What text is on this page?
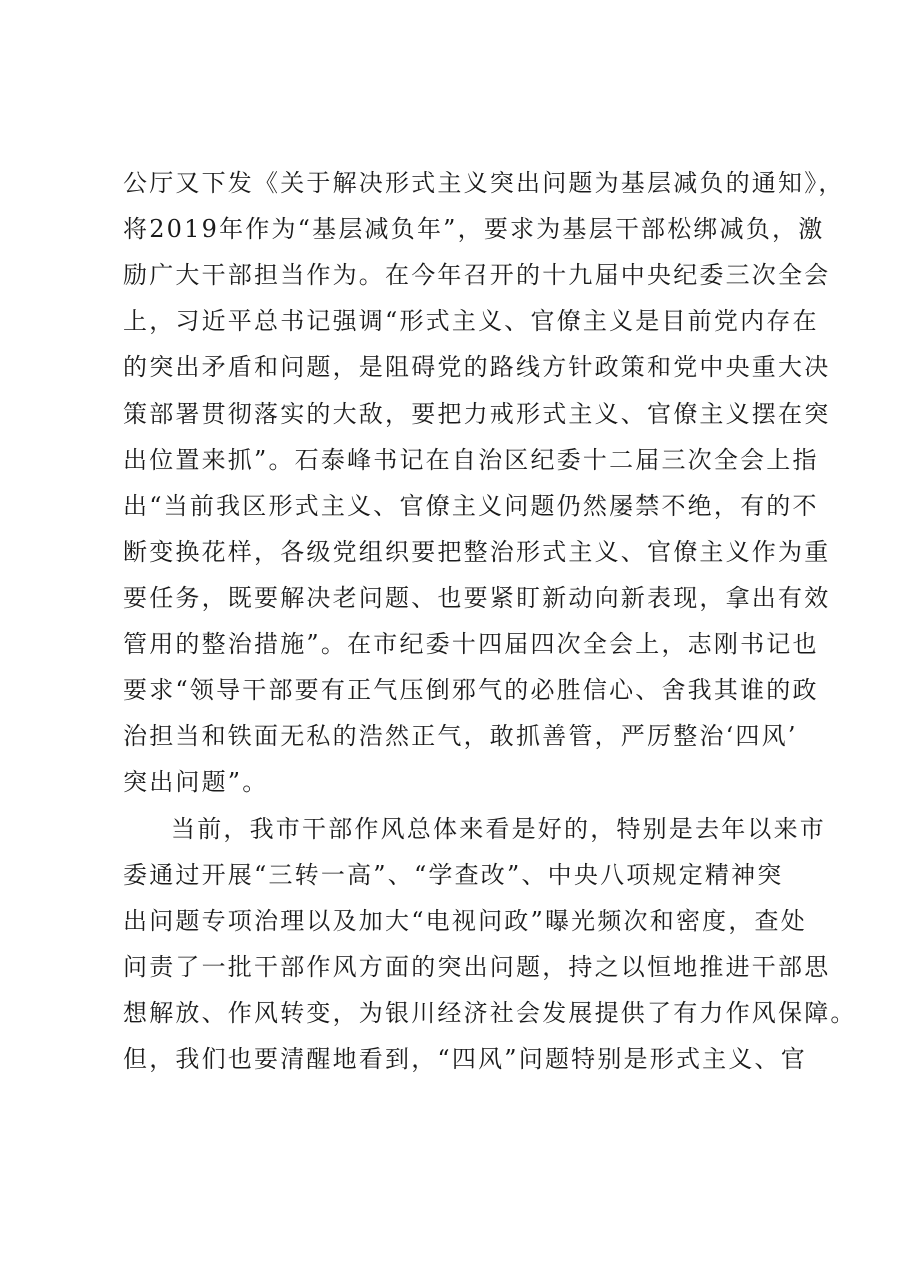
公厅又下发《关于解决形式主义突出问题为基层减负的通知》，
将2019年作为“基层减负年”，要求为基层干部松绑减负，激
励广大干部担当作为。在今年召开的十九届中央纪委三次全会
上，习近平总书记强调“形式主义、官僚主义是目前党内存在
的突出矛盾和问题，是阻碍党的路线方针政策和党中央重大决
策部署贯彻落实的大敌，要把力戒形式主义、官僚主义摆在突
出位置来抓”。石泰峰书记在自治区纪委十二届三次全会上指
出“当前我区形式主义、官僚主义问题仍然屡禁不绝，有的不
断变换花样，各级党组织要把整治形式主义、官僚主义作为重
要任务，既要解决老问题、也要紧盯新动向新表现，拿出有效
管用的整治措施”。在市纪委十四届四次全会上，志刚书记也
要求“领导干部要有正气压倒邪气的必胜信心、舍我其谁的政
治担当和铁面无私的浩然正气，敢抓善管，严厉整治‘四风’
突出问题”。
当前，我市干部作风总体来看是好的，特别是去年以来市
委通过开展“三转一高”、“学查改”、中央八项规定精神突
出问题专项治理以及加大“电视问政”曝光频次和密度，查处
问责了一批干部作风方面的突出问题，持之以恒地推进干部思
想解放、作风转变，为银川经济社会发展提供了有力作风保障。
但，我们也要清醒地看到，“四风”问题特别是形式主义、官
